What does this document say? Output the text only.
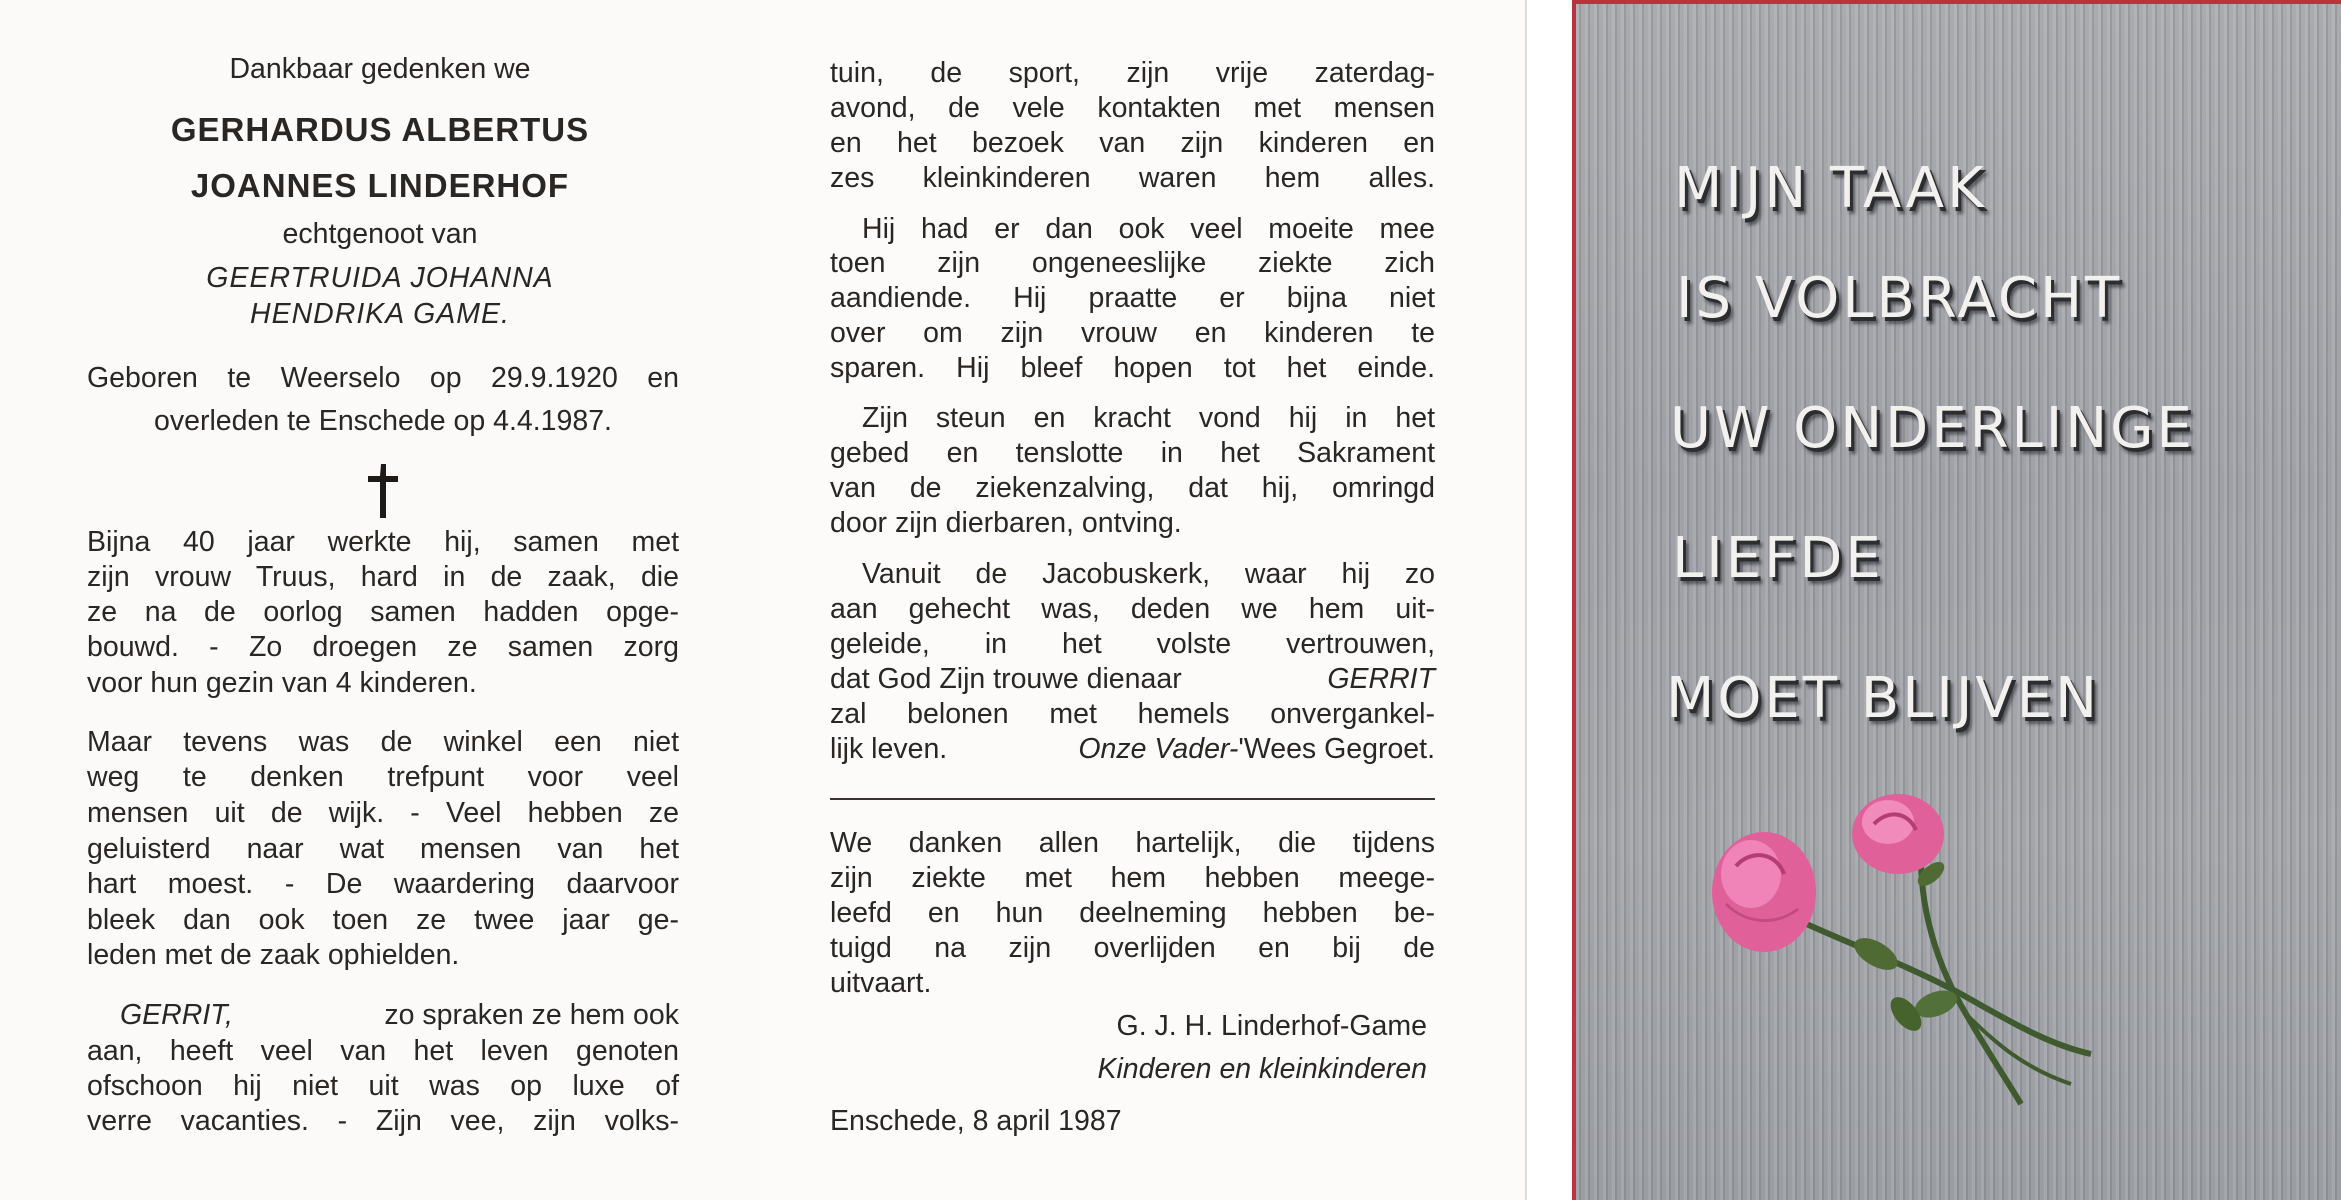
Dankbaar gedenken we

GERHARDUS ALBERTUS

JOANNES LINDERHOF

echtgenoot van

GEERTRUIDA JOHANNA

HENDRIKA GAME.

Geboren te Weerselo op 29.9.1920 en

overleden te Enschede op 4.4.1987.

Bijna 40 jaar werkte hij, samen met

zijn vrouw Truus, hard in de zaak, die

ze na de oorlog samen hadden opge-

bouwd. - Zo droegen ze samen zorg

voor hun gezin van 4 kinderen.

Maar tevens was de winkel een niet

weg te denken trefpunt voor veel

mensen uit de wijk. - Veel hebben ze

geluisterd naar wat mensen van het

hart moest. - De waardering daarvoor

bleek dan ook toen ze twee jaar ge-

leden met de zaak ophielden.

GERRIT,	zo spraken ze hem ook

aan, heeft veel van het leven genoten

ofschoon hij niet uit was op luxe of

verre vacanties. - Zijn vee, zijn volks-

tuin, de sport, zijn vrije zaterdag-

avond, de vele kontakten met mensen

en het bezoek van zijn kinderen en

zes kleinkinderen waren hem alles.

Hij had er dan ook veel moeite mee

toen zijn ongeneeslijke ziekte zich

aandiende. Hij praatte er bijna niet

over om zijn vrouw en kinderen te

sparen. Hij bleef hopen tot het einde.

Zijn steun en kracht vond hij in het

gebed en tenslotte in het Sakrament

van de ziekenzalving, dat hij, omringd

door zijn dierbaren, ontving.

Vanuit de Jacobuskerk, waar hij zo

aan gehecht was, deden we hem uit-

geleide, in het volste vertrouwen,

dat God Zijn trouwe dienaar	GERRIT

zal belonen met hemels onvergankel-

lijk leven.	Onze Vader-'Wees Gegroet.

We danken allen hartelijk, die tijdens

zijn ziekte met hem hebben meege-

leefd en hun deelneming hebben be-

tuigd na zijn overlijden en bij de

uitvaart.

G. J. H. Linderhof-Game

Kinderen en kleinkinderen

Enschede, 8 april 1987

MIJN TAAK
IS VOLBRACHT
UW ONDERLINGE
LIEFDE
MOET BLIJVEN
